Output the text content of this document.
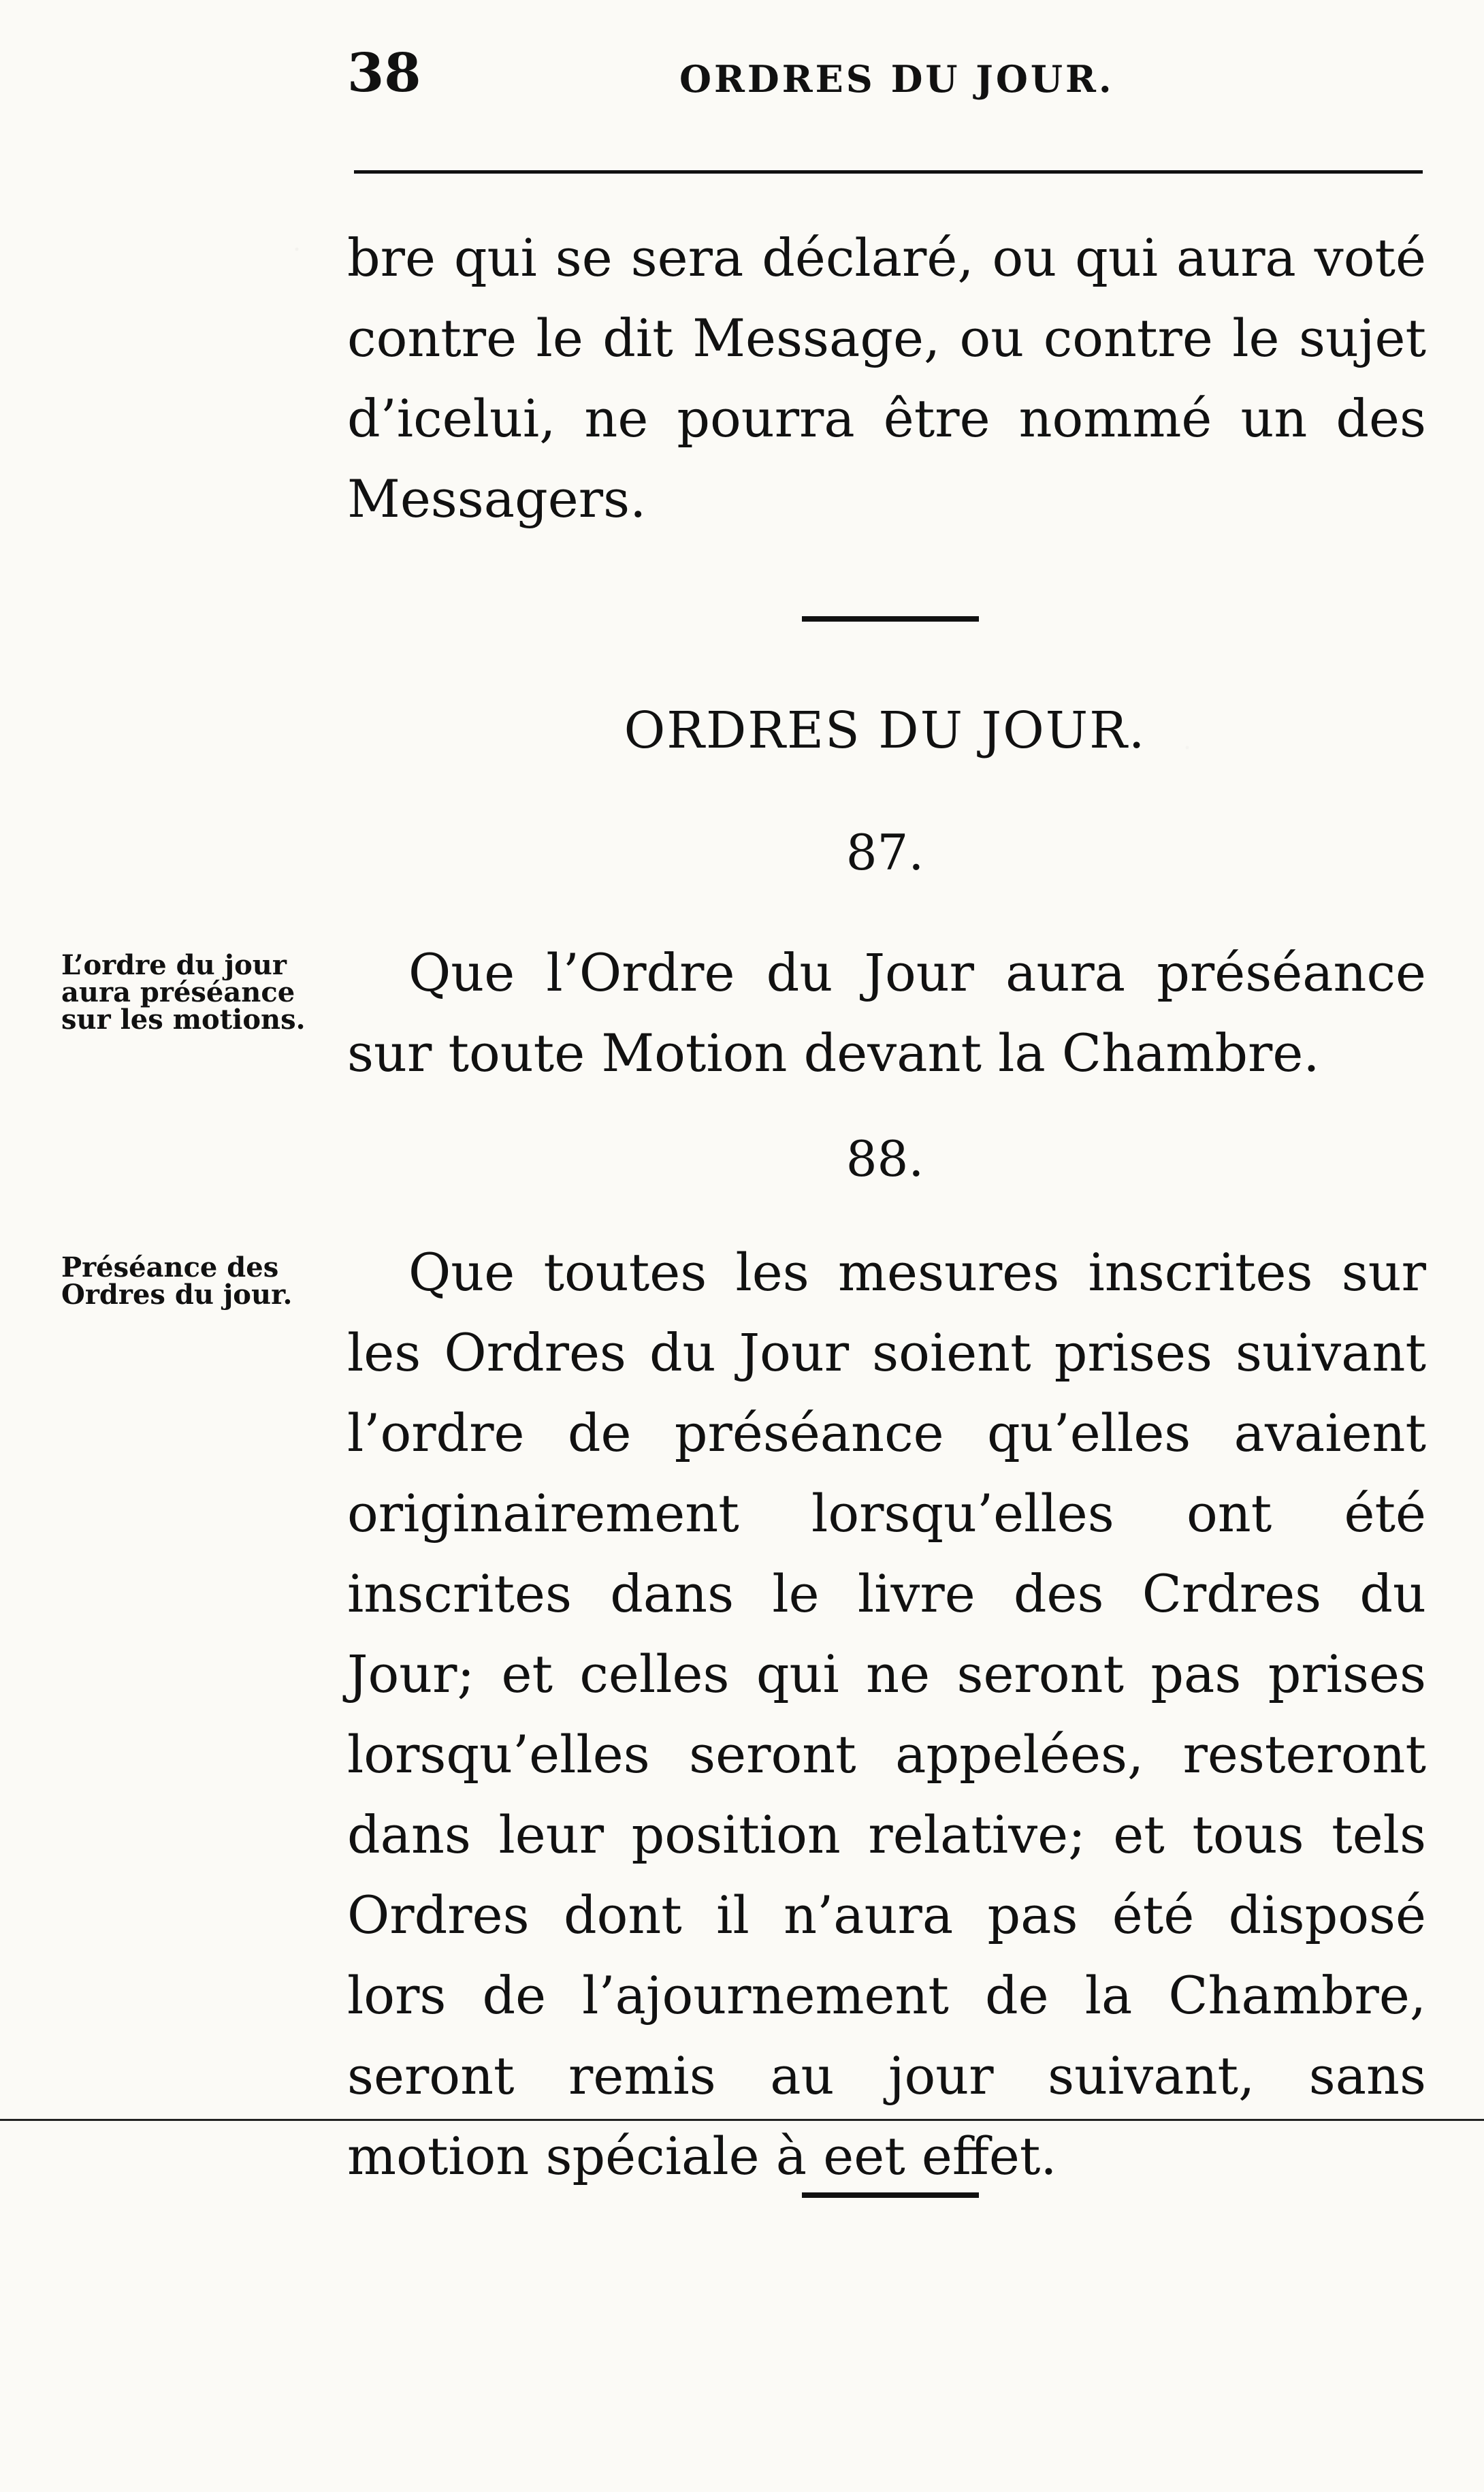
38	ORDRES DU JOUR.

bre qui se sera déclaré, ou qui aura voté contre le dit Message, ou contre le sujet d’icelui, ne pourra être nommé un des Messagers.

ORDRES DU JOUR.
87.
L’ordre du jour aura préséance sur les motions.

Que l’Ordre du Jour aura préséance sur toute Motion devant la Chambre.

88.
Préséance des Ordres du jour.	Que toutes les mesures inscrites sur les Ordres du Jour soient prises suivant l’ordre de préséance qu’elles avaient originairement lorsqu’elles ont été inscrites dans le livre des Crdres du Jour; et celles qui ne seront pas prises lorsqu’elles seront appelées, resteront dans leur position relative; et tous tels Ordres dont il n’aura pas été disposé lors de l’ajournement de la Chambre, seront remis au jour suivant, sans motion spéciale à eet effet.
